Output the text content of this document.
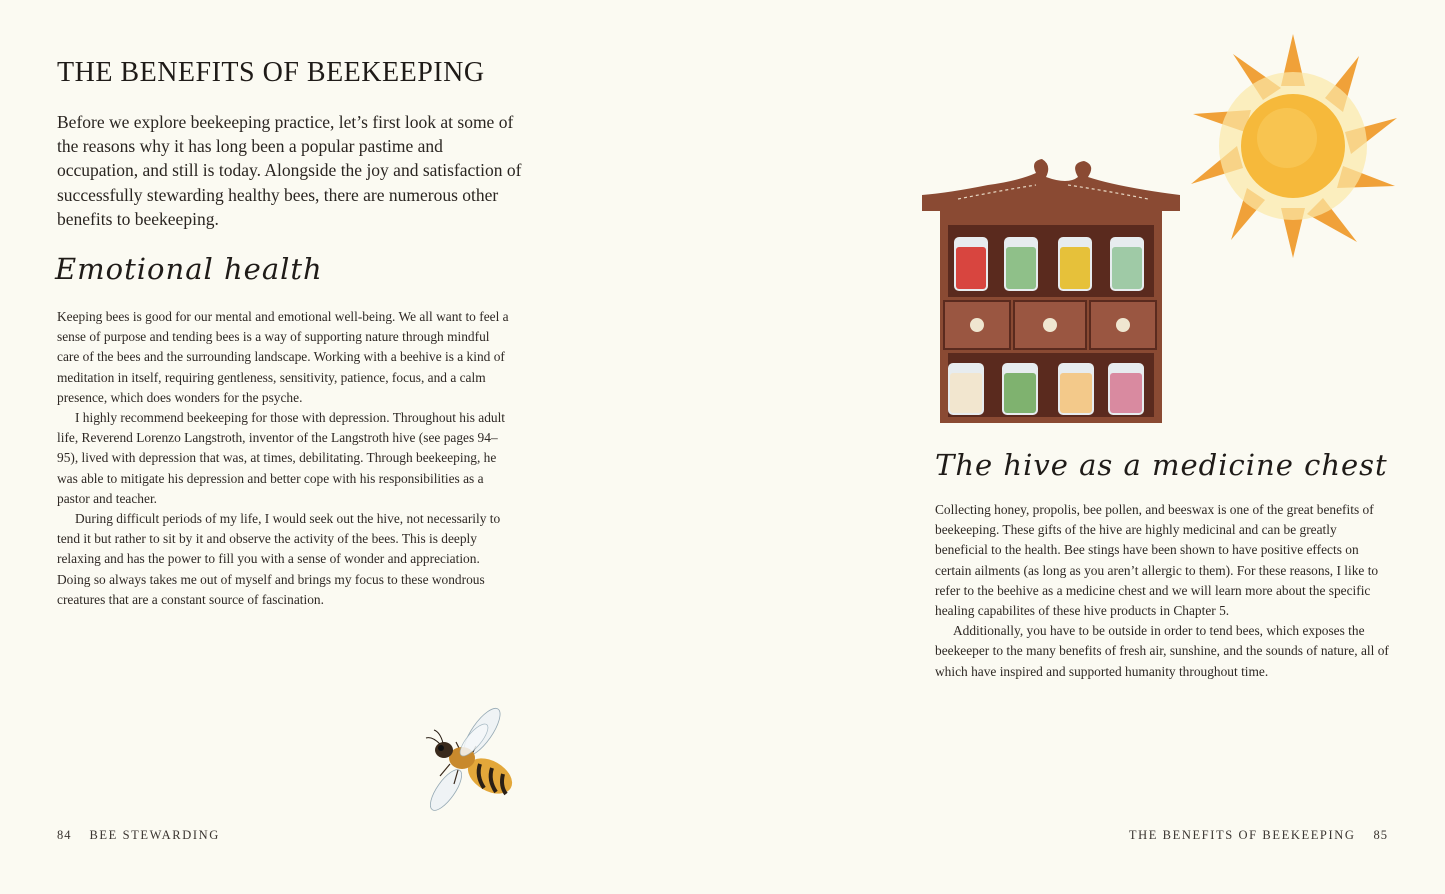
THE BENEFITS OF BEEKEEPING

Before we explore beekeeping practice, let’s first look at some of the reasons why it has long been a popular pastime and occupation, and still is today. Alongside the joy and satisfaction of successfully stewarding healthy bees, there are numerous other benefits to beekeeping.

Emotional health

Keeping bees is good for our mental and emotional well-being. We all want to feel a sense of purpose and tending bees is a way of supporting nature through mindful care of the bees and the surrounding landscape. Working with a beehive is a kind of meditation in itself, requiring gentleness, sensitivity, patience, focus, and a calm presence, which does wonders for the psyche.

I highly recommend beekeeping for those with depression. Throughout his adult life, Reverend Lorenzo Langstroth, inventor of the Langstroth hive (see pages 94–95), lived with depression that was, at times, debilitating. Through beekeeping, he was able to mitigate his depression and better cope with his responsibilities as a pastor and teacher.

During difficult periods of my life, I would seek out the hive, not necessarily to tend it but rather to sit by it and observe the activity of the bees. This is deeply relaxing and has the power to fill you with a sense of wonder and appreciation. Doing so always takes me out of myself and brings my focus to these wondrous creatures that are a constant source of fascination.

84 BEE STEWARDING
The hive as a medicine chest

Collecting honey, propolis, bee pollen, and beeswax is one of the great benefits of beekeeping. These gifts of the hive are highly medicinal and can be greatly beneficial to the health. Bee stings have been shown to have positive effects on certain ailments (as long as you aren’t allergic to them). For these reasons, I like to refer to the beehive as a medicine chest and we will learn more about the specific healing capabilites of these hive products in Chapter 5.

Additionally, you have to be outside in order to tend bees, which exposes the beekeeper to the many benefits of fresh air, sunshine, and the sounds of nature, all of which have inspired and supported humanity throughout time.

THE BENEFITS OF BEEKEEPING 85
